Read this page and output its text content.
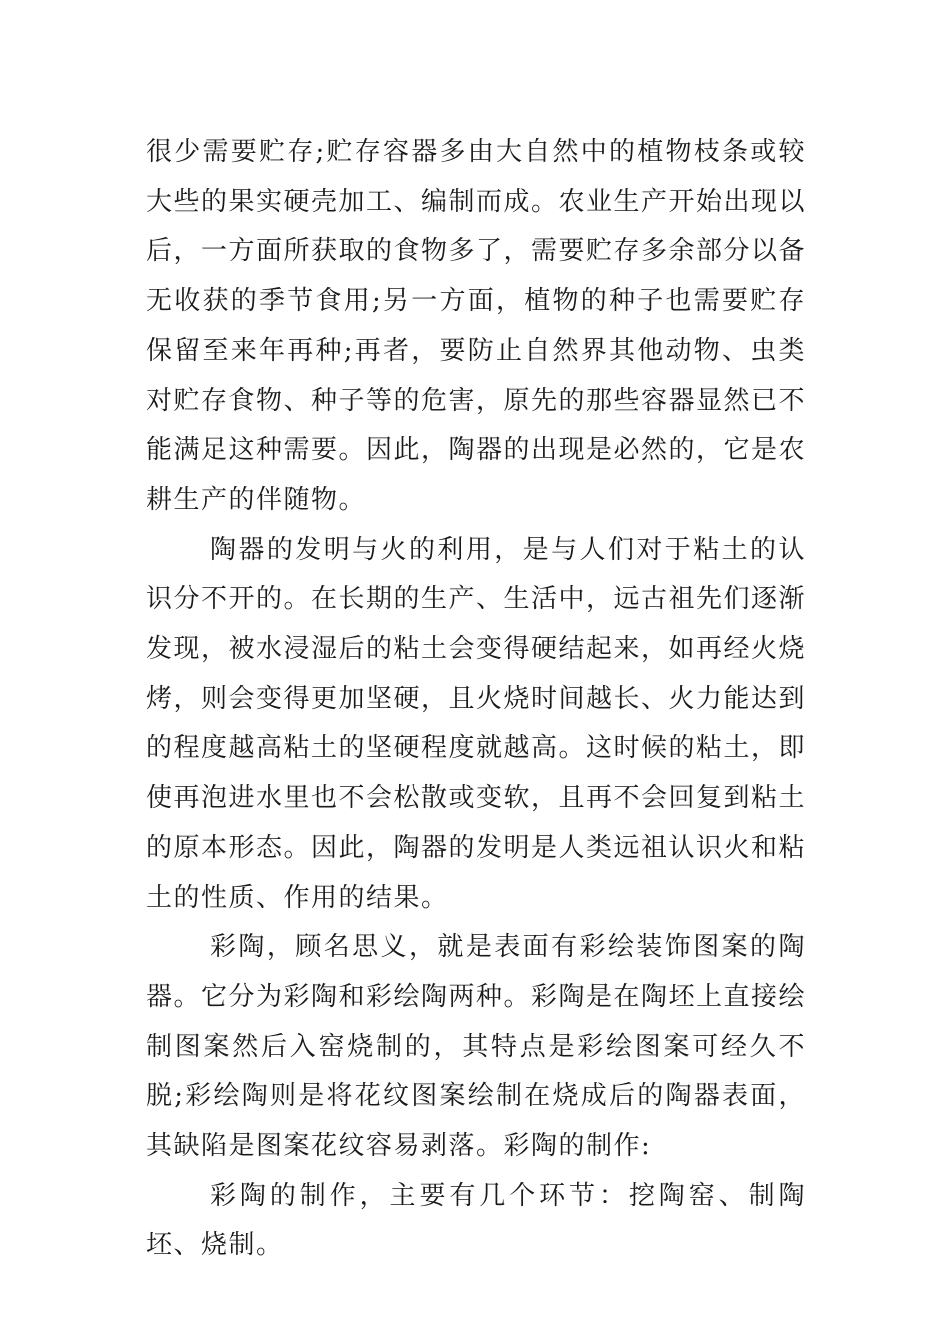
很少需要贮存;贮存容器多由大自然中的植物枝条或较大些的果实硬壳加工、编制而成。农业生产开始出现以后，一方面所获取的食物多了，需要贮存多余部分以备无收获的季节食用;另一方面，植物的种子也需要贮存保留至来年再种;再者，要防止自然界其他动物、虫类对贮存食物、种子等的危害，原先的那些容器显然已不能满足这种需要。因此，陶器的出现是必然的，它是农耕生产的伴随物。

陶器的发明与火的利用，是与人们对于粘土的认识分不开的。在长期的生产、生活中，远古祖先们逐渐发现，被水浸湿后的粘土会变得硬结起来，如再经火烧烤，则会变得更加坚硬，且火烧时间越长、火力能达到的程度越高粘土的坚硬程度就越高。这时候的粘土，即使再泡进水里也不会松散或变软，且再不会回复到粘土的原本形态。因此，陶器的发明是人类远祖认识火和粘土的性质、作用的结果。

彩陶，顾名思义，就是表面有彩绘装饰图案的陶器。它分为彩陶和彩绘陶两种。彩陶是在陶坯上直接绘制图案然后入窑烧制的，其特点是彩绘图案可经久不脱;彩绘陶则是将花纹图案绘制在烧成后的陶器表面，其缺陷是图案花纹容易剥落。彩陶的制作:

彩陶的制作，主要有几个环节：挖陶窑、制陶坯、烧制。
